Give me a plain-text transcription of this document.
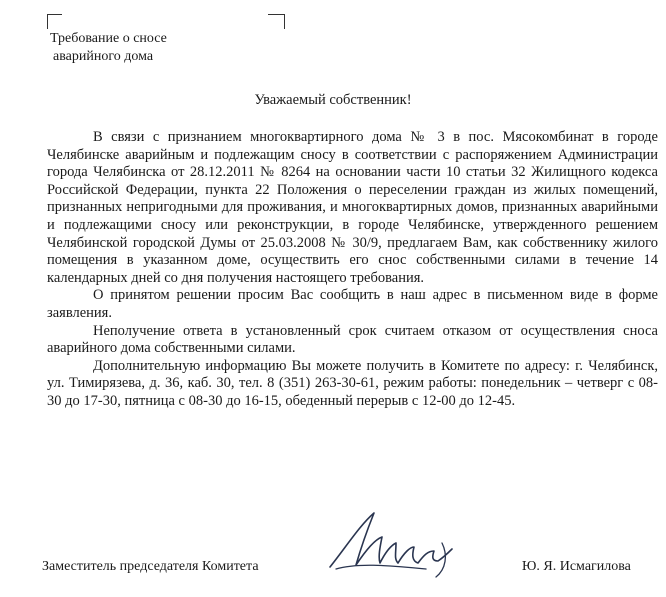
Требование о сносе
аварийного дома
Уважаемый собственник!

В связи с признанием многоквартирного дома № 3 в пос. Мясокомбинат в городе Челябинске аварийным и подлежащим сносу в соответствии с распоряжением Администрации города Челябинска от 28.12.2011 № 8264 на основании части 10 статьи 32 Жилищного кодекса Российской Федерации, пункта 22 Положения о переселении граждан из жилых помещений, признанных непригодными для проживания, и многоквартирных домов, признанных аварийными и подлежащими сносу или реконструкции, в городе Челябинске, утвержденного решением Челябинской городской Думы от 25.03.2008 № 30/9, предлагаем Вам, как собственнику жилого помещения в указанном доме, осуществить его снос собственными силами в течение 14 календарных дней со дня получения настоящего требования.

О принятом решении просим Вас сообщить в наш адрес в письменном виде в форме заявления.

Неполучение ответа в установленный срок считаем отказом от осуществления сноса аварийного дома собственными силами.

Дополнительную информацию Вы можете получить в Комитете по адресу: г. Челябинск, ул. Тимирязева, д. 36, каб. 30, тел. 8 (351) 263-30-61, режим работы: понедельник – четверг с 08-30 до 17-30, пятница с 08-30 до 16-15, обеденный перерыв с 12-00 до 12-45.

Заместитель председателя Комитета	Ю. Я. Исмагилова
